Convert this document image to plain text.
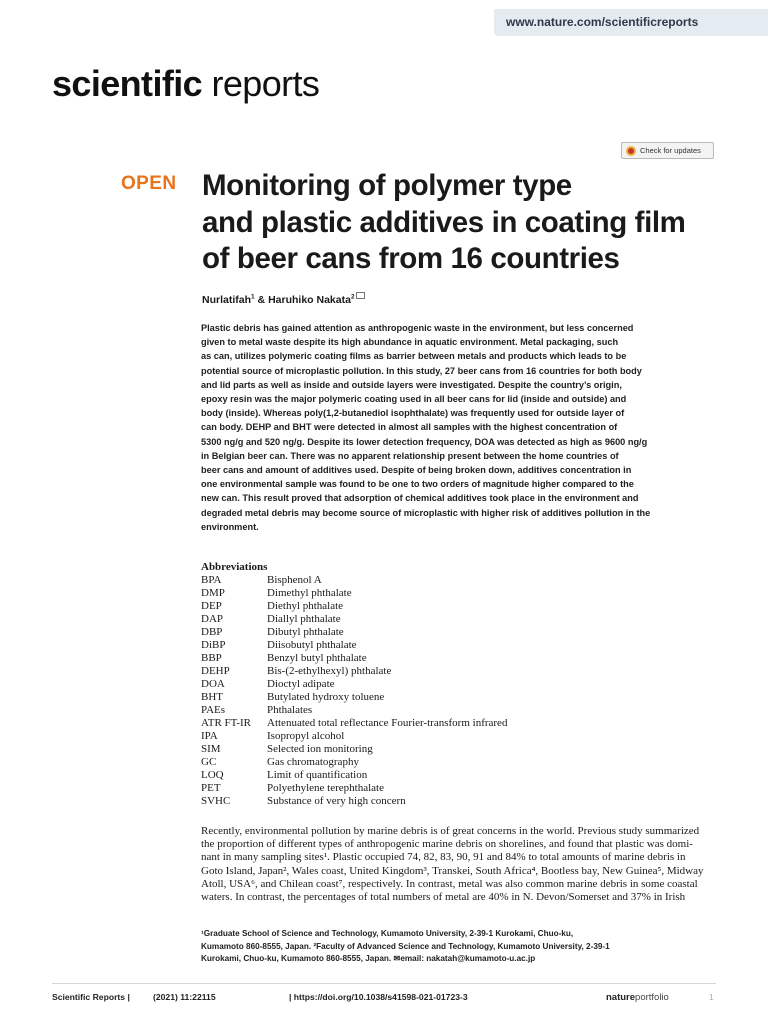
www.nature.com/scientificreports
scientific reports
Check for updates
OPEN Monitoring of polymer type
and plastic additives in coating film
of beer cans from 16 countries
Nurlatifah$^1$ & Haruhiko Nakata$^2$
Plastic debris has gained attention as anthropogenic waste in the environment, but less concerned
given to metal waste despite its high abundance in aquatic environment. Metal packaging, such
as can, utilizes polymeric coating films as barrier between metals and products which leads to be
potential source of microplastic pollution. In this study, 27 beer cans from 16 countries for both body
and lid parts as well as inside and outside layers were investigated. Despite the country’s origin,
epoxy resin was the major polymeric coating used in all beer cans for lid (inside and outside) and
body (inside). Whereas poly(1,2-butanediol isophthalate) was frequently used for outside layer of
can body. DEHP and BHT were detected in almost all samples with the highest concentration of
5300 ng/g and 520 ng/g. Despite its lower detection frequency, DOA was detected as high as 9600 ng/g
in Belgian beer can. There was no apparent relationship present between the home countries of
beer cans and amount of additives used. Despite of being broken down, additives concentration in
one environmental sample was found to be one to two orders of magnitude higher compared to the
new can. This result proved that adsorption of chemical additives took place in the environment and
degraded metal debris may become source of microplastic with higher risk of additives pollution in the
environment.
Abbreviations
BPA	Bisphenol A
DMP	Dimethyl phthalate
DEP	Diethyl phthalate
DAP	Diallyl phthalate
DBP	Dibutyl phthalate
DiBP	Diisobutyl phthalate
BBP	Benzyl butyl phthalate
DEHP	Bis-(2-ethylhexyl) phthalate
DOA	Dioctyl adipate
BHT	Butylated hydroxy toluene
PAEs	Phthalates
ATR FT-IR	Attenuated total reflectance Fourier-transform infrared
IPA	Isopropyl alcohol
SIM	Selected ion monitoring
GC	Gas chromatography
LOQ	Limit of quantification
PET	Polyethylene terephthalate
SVHC	Substance of very high concern
Recently, environmental pollution by marine debris is of great concerns in the world. Previous study summarized
the proportion of different types of anthropogenic marine debris on shorelines, and found that plastic was domi-
nant in many sampling sites¹. Plastic occupied 74, 82, 83, 90, 91 and 84% to total amounts of marine debris in
Goto Island, Japan², Wales coast, United Kingdom³, Transkei, South Africa⁴, Bootless bay, New Guinea⁵, Midway
Atoll, USA⁶, and Chilean coast⁷, respectively. In contrast, metal was also common marine debris in some coastal
waters. In contrast, the percentages of total numbers of metal are 40% in N. Devon/Somerset and 37% in Irish
¹Graduate School of Science and Technology, Kumamoto University, 2-39-1 Kurokami, Chuo-ku,
Kumamoto 860-8555, Japan. ²Faculty of Advanced Science and Technology, Kumamoto University, 2-39-1
Kurokami, Chuo-ku, Kumamoto 860-8555, Japan. ✉email: nakatah@kumamoto-u.ac.jp
Scientific Reports |	(2021) 11:22115	| https://doi.org/10.1038/s41598-021-01723-3	natureportfolio	1
